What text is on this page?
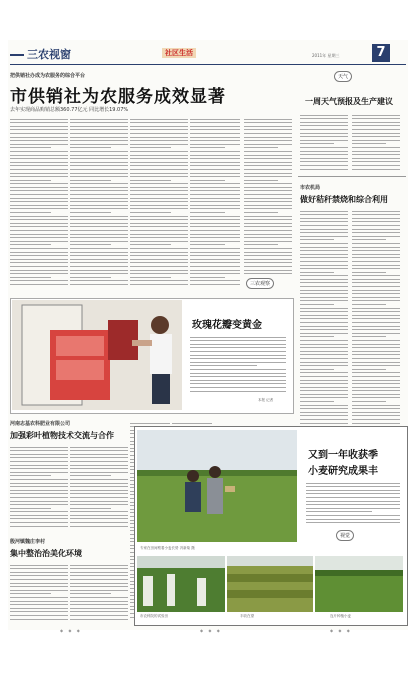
三农视窗	社区生活	2011年 星期三	7
把供销社办成为农服务的综合平台
市供销社为农服务成效显著
去年实现商品购销总额360.77亿元 同比增长19.07%
天气
一周天气预报及生产建议
市农机局
做好秸秆禁烧和综合利用
三农观察
玫瑰花瓣变黄金
本报 记者
河南志基农科肥业有限公司
加强彩叶植物技术交流与合作
殷河镇魏庄李村
集中整治治美化环境
专家在田间察看小麦长势 冯新菊 摄
又到一年收获季
小麦研究成果丰
视觉
市农科院的试验田	丰收在望	连片种植小麦
◆ ◆ ◆	◆ ◆ ◆	◆ ◆ ◆
